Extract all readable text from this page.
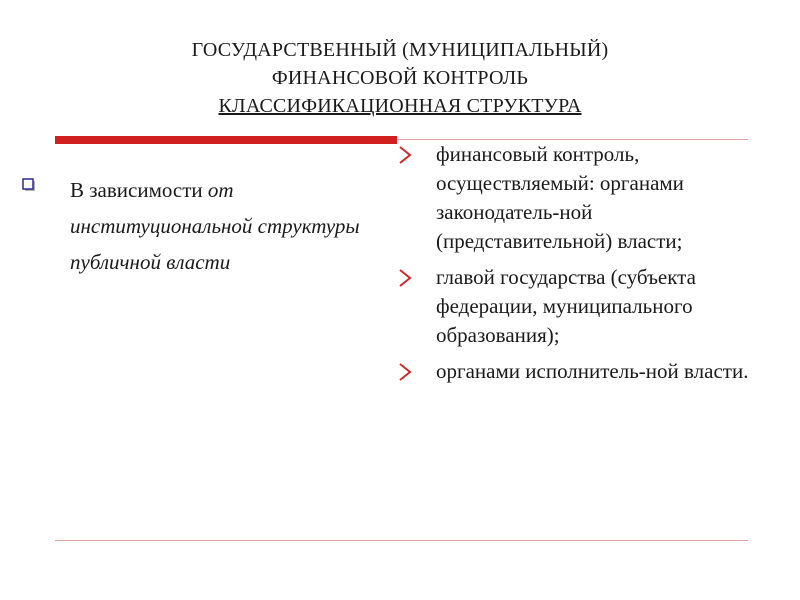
ГОСУДАРСТВЕННЫЙ (МУНИЦИПАЛЬНЫЙ)
ФИНАНСОВОЙ КОНТРОЛЬ
КЛАССИФИКАЦИОННАЯ СТРУКТУРА
В зависимости от институциональной структуры публичной власти
финансовый контроль, осуществляемый: органами законодатель-ной (представительной) власти;
главой государства (субъекта федерации, муниципального образования);
органами исполнитель-ной власти.
